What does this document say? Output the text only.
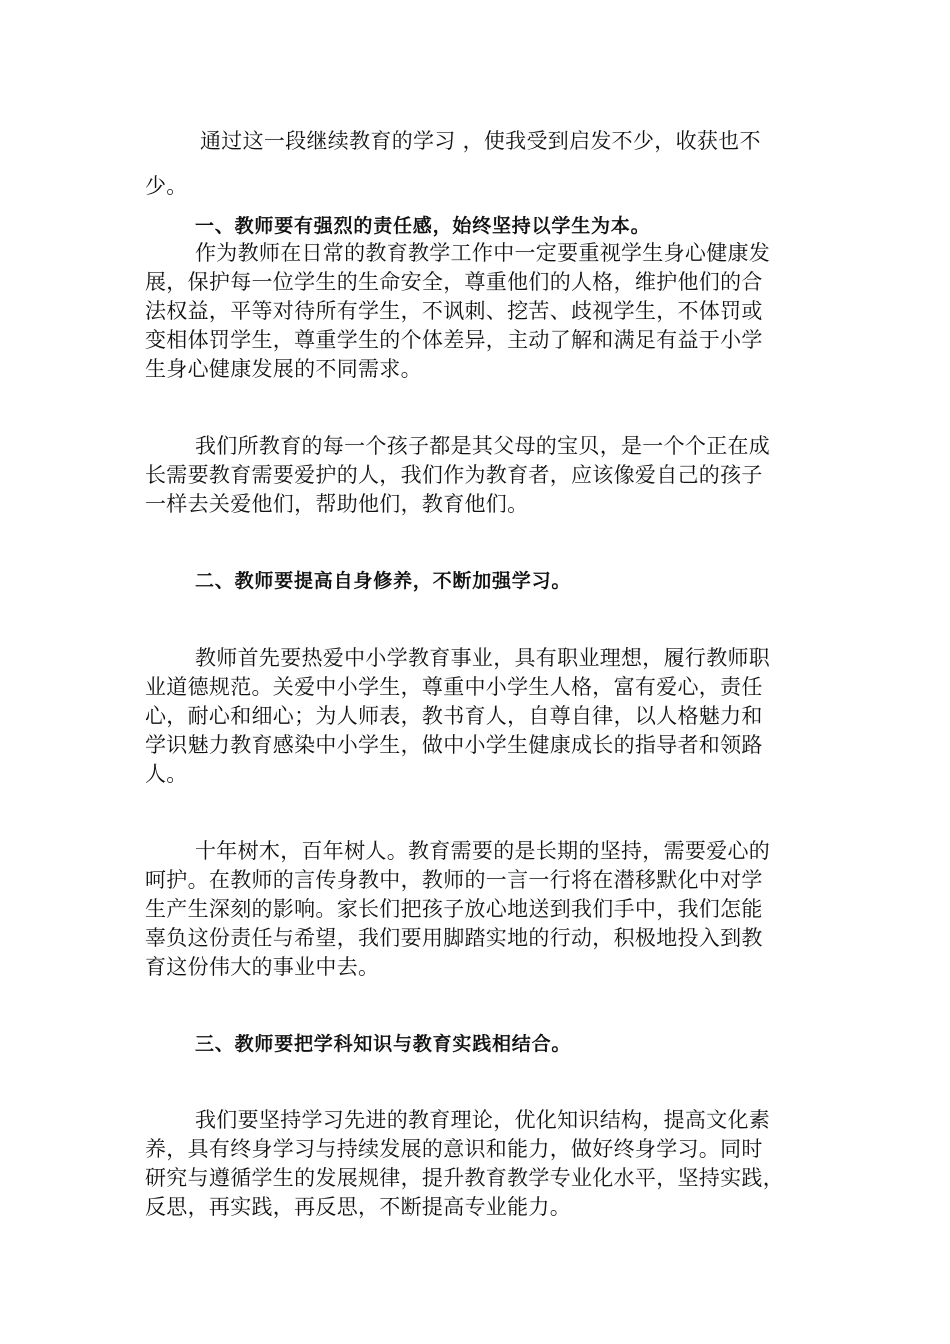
通过这一段继续教育的学习 ，使我受到启发不少，收获也不
少。
一、教师要有强烈的责任感，始终坚持以学生为本。
作为教师在日常的教育教学工作中一定要重视学生身心健康发
展，保护每一位学生的生命安全，尊重他们的人格，维护他们的合
法权益，平等对待所有学生，不讽刺、挖苦、歧视学生，不体罚或
变相体罚学生，尊重学生的个体差异，主动了解和满足有益于小学
生身心健康发展的不同需求。
我们所教育的每一个孩子都是其父母的宝贝，是一个个正在成
长需要教育需要爱护的人，我们作为教育者，应该像爱自己的孩子
一样去关爱他们，帮助他们，教育他们。
二、教师要提高自身修养，不断加强学习。
教师首先要热爱中小学教育事业，具有职业理想，履行教师职
业道德规范。关爱中小学生，尊重中小学生人格，富有爱心，责任
心，耐心和细心；为人师表，教书育人，自尊自律，以人格魅力和
学识魅力教育感染中小学生，做中小学生健康成长的指导者和领路
人。
十年树木，百年树人。教育需要的是长期的坚持，需要爱心的
呵护。在教师的言传身教中，教师的一言一行将在潜移默化中对学
生产生深刻的影响。家长们把孩子放心地送到我们手中，我们怎能
辜负这份责任与希望，我们要用脚踏实地的行动，积极地投入到教
育这份伟大的事业中去。
三、教师要把学科知识与教育实践相结合。
我们要坚持学习先进的教育理论，优化知识结构，提高文化素
养，具有终身学习与持续发展的意识和能力，做好终身学习。同时
研究与遵循学生的发展规律，提升教育教学专业化水平，坚持实践，
反思，再实践，再反思，不断提高专业能力。
